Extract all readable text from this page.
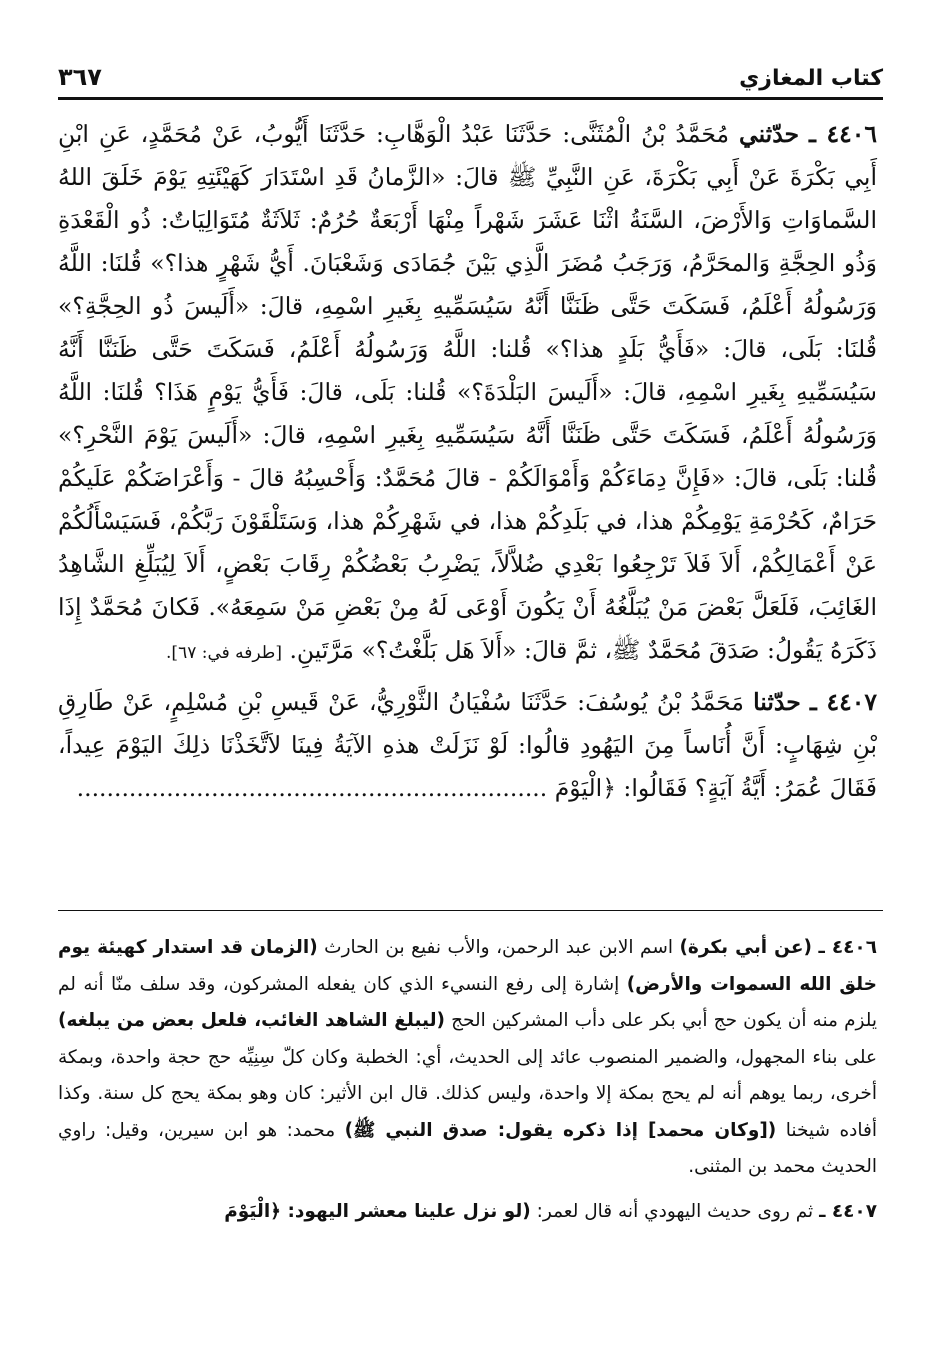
٣٦٧	كتاب المغازي

٤٤٠٦ ـ حدّثني مُحَمَّدُ بْنُ الْمُثَنَّى: حَدَّثَنَا عَبْدُ الْوَهَّابِ: حَدَّثَنَا أَيُّوبُ، عَنْ مُحَمَّدٍ، عَنِ ابْنِ أَبِي بَكْرَةَ عَنْ أَبِي بَكْرَةَ، عَنِ النَّبِيِّ ﷺ قالَ: «الزَّمانُ قَدِ اسْتَدَارَ كَهَيْئَتِهِ يَوْمَ خَلَقَ اللهُ السَّماوَاتِ وَالأَرْضَ، السَّنَةُ اثْنَا عَشَرَ شَهْراً مِنْهَا أَرْبَعَةٌ حُرُمٌ: ثَلاَثَةٌ مُتَوَالِيَاتٌ: ذُو الْقَعْدَةِ وَذُو الحِجَّةِ وَالمحَرَّمُ، وَرَجَبُ مُضَرَ الَّذِي بَيْنَ جُمَادَى وَشَعْبَانَ. أَيُّ شَهْرٍ هذا؟» قُلنَا: اللَّهُ وَرَسُولُهُ أَعْلَمُ، فَسَكَتَ حَتَّى ظَنَنَّا أَنَّهُ سَيُسَمِّيهِ بِغَيرِ اسْمِهِ، قالَ: «أَلَيسَ ذُو الحِجَّةِ؟» قُلنَا: بَلَى، قالَ: «فَأَيُّ بَلَدٍ هذا؟» قُلنا: اللَّهُ وَرَسُولُهُ أَعْلَمُ، فَسَكَتَ حَتَّى ظَنَنَّا أَنَّهُ سَيُسَمِّيهِ بِغَيرِ اسْمِهِ، قالَ: «أَلَيسَ البَلْدَةَ؟» قُلنا: بَلَى، قالَ: فَأَيُّ يَوْمٍ هَذَا؟ قُلنَا: اللَّهُ وَرَسُولُهُ أَعْلَمُ، فَسَكَتَ حَتَّى ظَنَنَّا أَنَّهُ سَيُسَمِّيهِ بِغَيرِ اسْمِهِ، قالَ: «أَلَيسَ يَوْمَ النَّحْرِ؟» قُلنا: بَلَى، قالَ: «فَإِنَّ دِمَاءَكُمْ وَأَمْوَالَكُمْ - قالَ مُحَمَّدٌ: وَأَحْسِبُهُ قالَ - وَأَعْرَاضَكُمْ عَلَيكُمْ حَرَامٌ، كَحُرْمَةِ يَوْمِكُمْ هذا، في بَلَدِكُمْ هذا، في شَهْرِكُمْ هذا، وَسَتَلْقَوْنَ رَبَّكُمْ، فَسَيَسْأَلُكُمْ عَنْ أَعْمَالِكُمْ، أَلاَ فَلاَ تَرْجِعُوا بَعْدِي ضُلاَّلاً، يَضْرِبُ بَعْضُكُمْ رِقَابَ بَعْضٍ، أَلاَ لِيُبَلِّغِ الشَّاهِدُ الغَائِبَ، فَلَعَلَّ بَعْضَ مَنْ يُبَلَّغُهُ أَنْ يَكُونَ أَوْعَى لَهُ مِنْ بَعْضِ مَنْ سَمِعَهُ». فَكانَ مُحَمَّدٌ إِذَا ذَكَرَهُ يَقُولُ: صَدَقَ مُحَمَّدٌ ﷺ، ثمَّ قالَ: «أَلاَ هَل بَلَّغْتُ؟» مَرَّتَينِ. [طرفه في: ٦٧].

٤٤٠٧ ـ حدّثنا مَحَمَّدُ بْنُ يُوسُفَ: حَدَّثَنَا سُفْيَانُ الثَّوْرِيُّ، عَنْ قَيسِ بْنِ مُسْلِمٍ، عَنْ طَارِقِ بْنِ شِهَابٍ: أَنَّ أُنَاساً مِنَ اليَهُودِ قالُوا: لَوْ نَزَلَتْ هذهِ الآيَةُ فِينَا لاَتَّخَذْنَا ذلِكَ اليَوْمَ عِيداً، فَقَالَ عُمَرُ: أَيَّةُ آيَةٍ؟ فَقَالُوا: ﴿الْيَوْمَ ...............................................................

٤٤٠٦ ـ (عن أبي بكرة) اسم الابن عبد الرحمن، والأب نفيع بن الحارث (الزمان قد استدار كهيئة يوم خلق الله السموات والأرض) إشارة إلى رفع النسيء الذي كان يفعله المشركون، وقد سلف منّا أنه لم يلزم منه أن يكون حج أبي بكر على دأب المشركين الحج (ليبلغ الشاهد الغائب، فلعل بعض من يبلغه) على بناء المجهول، والضمير المنصوب عائد إلى الحديث، أي: الخطبة وكان كلّ سِنِيِّه حج حجة واحدة، وبمكة أخرى، ربما يوهم أنه لم يحج بمكة إلا واحدة، وليس كذلك. قال ابن الأثير: كان وهو بمكة يحج كل سنة. وكذا أفاده شيخنا ([وكان محمد] إذا ذكره يقول: صدق النبي ﷺ) محمد: هو ابن سيرين، وقيل: راوي الحديث محمد بن المثنى.

٤٤٠٧ ـ ثم روى حديث اليهودي أنه قال لعمر: (لو نزل علينا معشر اليهود: ﴿الْيَوْمَ
